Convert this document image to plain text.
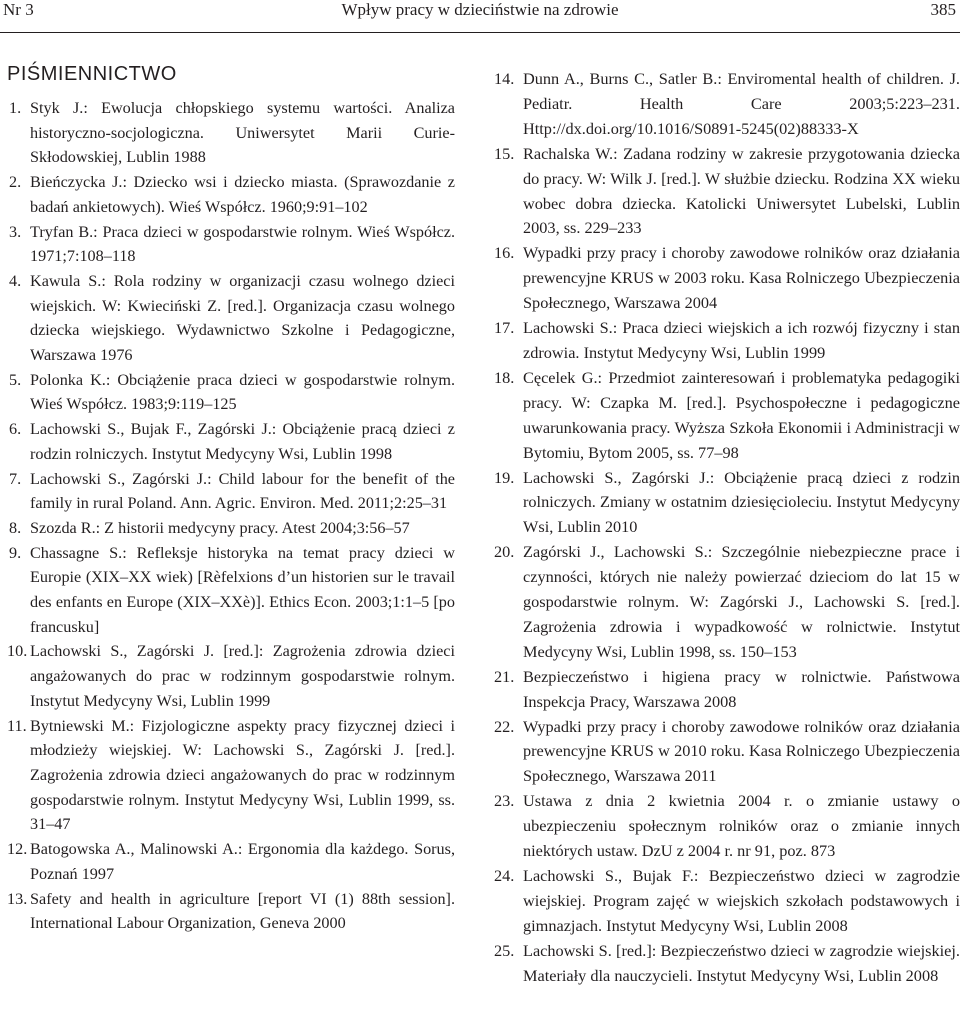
Nr 3	Wpływ pracy w dzieciństwie na zdrowie	385
PIŚMIENNICTWO
1. Styk J.: Ewolucja chłopskiego systemu wartości. Analiza historyczno-socjologiczna. Uniwersytet Marii Curie-Skłodowskiej, Lublin 1988
2. Bieńczycka J.: Dziecko wsi i dziecko miasta. (Sprawozdanie z badań ankietowych). Wieś Współcz. 1960;9:91–102
3. Tryfan B.: Praca dzieci w gospodarstwie rolnym. Wieś Współcz. 1971;7:108–118
4. Kawula S.: Rola rodziny w organizacji czasu wolnego dzieci wiejskich. W: Kwieciński Z. [red.]. Organizacja czasu wolnego dziecka wiejskiego. Wydawnictwo Szkolne i Pedagogiczne, Warszawa 1976
5. Polonka K.: Obciążenie praca dzieci w gospodarstwie rolnym. Wieś Współcz. 1983;9:119–125
6. Lachowski S., Bujak F., Zagórski J.: Obciążenie pracą dzieci z rodzin rolniczych. Instytut Medycyny Wsi, Lublin 1998
7. Lachowski S., Zagórski J.: Child labour for the benefit of the family in rural Poland. Ann. Agric. Environ. Med. 2011;2:25–31
8. Szozda R.: Z historii medycyny pracy. Atest 2004;3:56–57
9. Chassagne S.: Refleksje historyka na temat pracy dzieci w Europie (XIX–XX wiek) [Rèfelxions d’un historien sur le travail des enfants en Europe (XIX–XXè)]. Ethics Econ. 2003;1:1–5 [po francusku]
10. Lachowski S., Zagórski J. [red.]: Zagrożenia zdrowia dzieci angażowanych do prac w rodzinnym gospodarstwie rolnym. Instytut Medycyny Wsi, Lublin 1999
11. Bytniewski M.: Fizjologiczne aspekty pracy fizycznej dzieci i młodzieży wiejskiej. W: Lachowski S., Zagórski J. [red.]. Zagrożenia zdrowia dzieci angażowanych do prac w rodzinnym gospodarstwie rolnym. Instytut Medycyny Wsi, Lublin 1999, ss. 31–47
12. Batogowska A., Malinowski A.: Ergonomia dla każdego. Sorus, Poznań 1997
13. Safety and health in agriculture [report VI (1) 88th session]. International Labour Organization, Geneva 2000
14. Dunn A., Burns C., Satler B.: Enviromental health of children. J. Pediatr. Health Care 2003;5:223–231. Http://dx.doi.org/10.1016/S0891-5245(02)88333-X
15. Rachalska W.: Zadana rodziny w zakresie przygotowania dziecka do pracy. W: Wilk J. [red.]. W służbie dziecku. Rodzina XX wieku wobec dobra dziecka. Katolicki Uniwersytet Lubelski, Lublin 2003, ss. 229–233
16. Wypadki przy pracy i choroby zawodowe rolników oraz działania prewencyjne KRUS w 2003 roku. Kasa Rolniczego Ubezpieczenia Społecznego, Warszawa 2004
17. Lachowski S.: Praca dzieci wiejskich a ich rozwój fizyczny i stan zdrowia. Instytut Medycyny Wsi, Lublin 1999
18. Cęcelek G.: Przedmiot zainteresowań i problematyka pedagogiki pracy. W: Czapka M. [red.]. Psychospołeczne i pedagogiczne uwarunkowania pracy. Wyższa Szkoła Ekonomii i Administracji w Bytomiu, Bytom 2005, ss. 77–98
19. Lachowski S., Zagórski J.: Obciążenie pracą dzieci z rodzin rolniczych. Zmiany w ostatnim dziesięcioleciu. Instytut Medycyny Wsi, Lublin 2010
20. Zagórski J., Lachowski S.: Szczególnie niebezpieczne prace i czynności, których nie należy powierzać dzieciom do lat 15 w gospodarstwie rolnym. W: Zagórski J., Lachowski S. [red.]. Zagrożenia zdrowia i wypadkowość w rolnictwie. Instytut Medycyny Wsi, Lublin 1998, ss. 150–153
21. Bezpieczeństwo i higiena pracy w rolnictwie. Państwowa Inspekcja Pracy, Warszawa 2008
22. Wypadki przy pracy i choroby zawodowe rolników oraz działania prewencyjne KRUS w 2010 roku. Kasa Rolniczego Ubezpieczenia Społecznego, Warszawa 2011
23. Ustawa z dnia 2 kwietnia 2004 r. o zmianie ustawy o ubezpieczeniu społecznym rolników oraz o zmianie innych niektórych ustaw. DzU z 2004 r. nr 91, poz. 873
24. Lachowski S., Bujak F.: Bezpieczeństwo dzieci w zagrodzie wiejskiej. Program zajęć w wiejskich szkołach podstawowych i gimnazjach. Instytut Medycyny Wsi, Lublin 2008
25. Lachowski S. [red.]: Bezpieczeństwo dzieci w zagrodzie wiejskiej. Materiały dla nauczycieli. Instytut Medycyny Wsi, Lublin 2008
